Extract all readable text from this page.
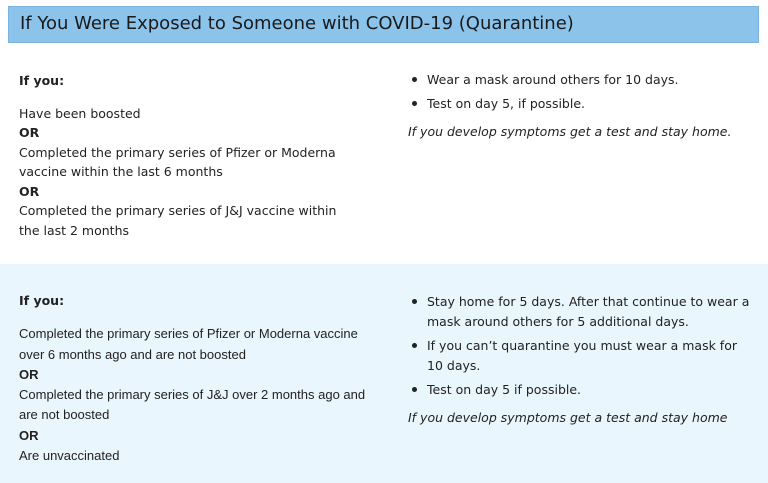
If You Were Exposed to Someone with COVID-19 (Quarantine)

If you:

Have been boosted

OR

Completed the primary series of Pfizer or Moderna vaccine within the last 6 months

OR

Completed the primary series of J&J vaccine within the last 2 months

Wear a mask around others for 10 days.
Test on day 5, if possible.
If you develop symptoms get a test and stay home.

If you:

Completed the primary series of Pfizer or Moderna vaccine over 6 months ago and are not boosted

OR

Completed the primary series of J&J over 2 months ago and are not boosted

OR

Are unvaccinated

Stay home for 5 days. After that continue to wear a mask around others for 5 additional days.
If you can’t quarantine you must wear a mask for 10 days.
Test on day 5 if possible.
If you develop symptoms get a test and stay home
